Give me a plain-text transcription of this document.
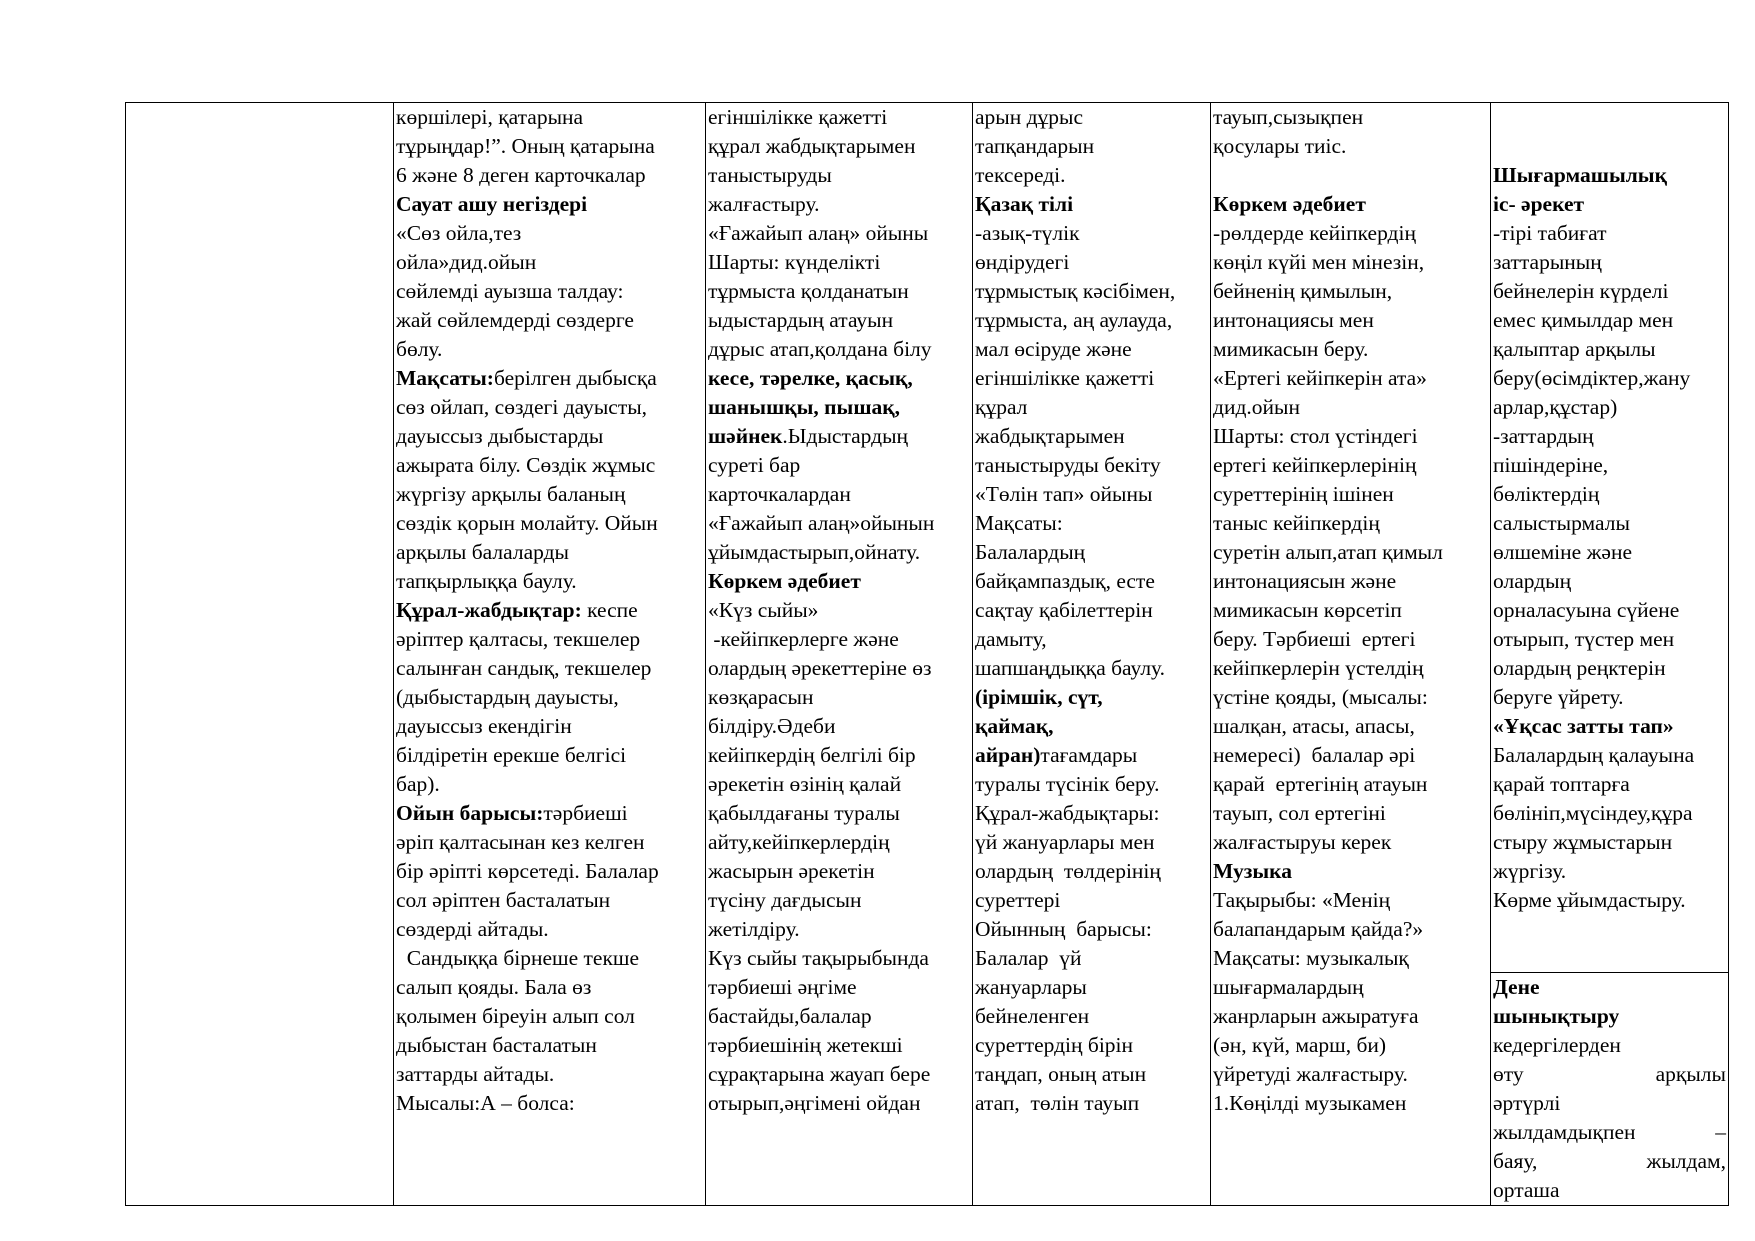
көршілері, қатарына
тұрыңдар!”. Оның қатарына
6 және 8 деген карточкалар
Сауат ашу негіздері
«Сөз ойла,тез
ойла»дид.ойын
сөйлемді ауызша талдау:
жай сөйлемдерді сөздерге
бөлу.
Мақсаты:берілген дыбысқа
сөз ойлап, сөздегі дауысты,
дауыссыз дыбыстарды
ажырата білу. Сөздік жұмыс
жүргізу арқылы баланың
сөздік қорын молайту. Ойын
арқылы балаларды
тапқырлыққа баулу.
Құрал-жабдықтар: кеспе
әріптер қалтасы, текшелер
салынған сандық, текшелер
(дыбыстардың дауысты,
дауыссыз екендігін
білдіретін ерекше белгісі
бар).
Ойын барысы:тәрбиеші
әріп қалтасынан кез келген
бір әріпті көрсетеді. Балалар
сол әріптен басталатын
сөздерді айтады.
Сандыққа бірнеше текше
салып қояды. Бала өз
қолымен біреуін алып сол
дыбыстан басталатын
заттарды айтады.
Мысалы:А – болса:

егіншілікке қажетті
құрал жабдықтарымен
таныстыруды
жалғастыру.
«Ғажайып алаң» ойыны
Шарты: күнделікті
тұрмыста қолданатын
ыдыстардың атауын
дұрыс атап,қолдана білу
кесе, тәрелке, қасық,
шанышқы, пышақ,
шәйнек.Ыдыстардың
суреті бар
карточкалардан
«Ғажайып алаң»ойынын
ұйымдастырып,ойнату.
Көркем әдебиет
«Күз сыйы»
-кейіпкерлерге және
олардың әрекеттеріне өз
көзқарасын
білдіру.Әдеби
кейіпкердің белгілі бір
әрекетін өзінің қалай
қабылдағаны туралы
айту,кейіпкерлердің
жасырын әрекетін
түсіну дағдысын
жетілдіру.
Күз сыйы тақырыбында
тәрбиеші әңгіме
бастайды,балалар
тәрбиешінің жетекші
сұрақтарына жауап бере
отырып,әңгімені ойдан

арын дұрыс
тапқандарын
тексереді.
Қазақ тілі
-азық-түлік
өндірудегі
тұрмыстық кәсібімен,
тұрмыста, аң аулауда,
мал өсіруде және
егіншілікке қажетті
құрал
жабдықтарымен
таныстыруды бекіту
«Төлін тап» ойыны
Мақсаты:
Балалардың
байқампаздық, есте
сақтау қабілеттерін
дамыту,
шапшаңдыққа баулу.
(ірімшік, сүт,
қаймақ,
айран)тағамдары
туралы түсінік беру.
Құрал-жабдықтары:
үй жануарлары мен
олардың  төлдерінің
суреттері
Ойынның  барысы:
Балалар  үй
жануарлары
бейнеленген
суреттердің бірін
таңдап, оның атын
атап,  төлін тауып

тауып,сызықпен
қосулары тиіс.

Көркем әдебиет
-рөлдерде кейіпкердің
көңіл күйі мен мінезін,
бейненің қимылын,
интонациясы мен
мимикасын беру.
«Ертегі кейіпкерін ата»
дид.ойын
Шарты: стол үстіндегі
ертегі кейіпкерлерінің
суреттерінің ішінен
таныс кейіпкердің
суретін алып,атап қимыл
интонациясын және
мимикасын көрсетіп
беру. Тәрбиеші  ертегі
кейіпкерлерін үстелдің
үстіне қояды, (мысалы:
шалқан, атасы, апасы,
немересі)  балалар әрі
қарай  ертегінің атауын
тауып, сол ертегіні
жалғастыруы керек
Музыка
Тақырыбы: «Менің
балапандарым қайда?»
Мақсаты: музыкалық
шығармалардың
жанрларын ажыратуға
(ән, күй, марш, би)
үйретуді жалғастыру.
1.Көңілді музыкамен

Шығармашылық
іс- әрекет
-тірі табиғат
заттарының
бейнелерін күрделі
емес қимылдар мен
қалыптар арқылы
беру(өсімдіктер,жану
арлар,құстар)
-заттардың
пішіндеріне,
бөліктердің
салыстырмалы
өлшеміне және
олардың
орналасуына сүйене
отырып, түстер мен
олардың реңктерін
беруге үйрету.
«Ұқсас затты тап»
Балалардың қалауына
қарай топтарға
бөлініп,мүсіндеу,құра
стыру жұмыстарын
жүргізу.
Көрме ұйымдастыру.
Дене
шынықтыру
кедергілерден
өту арқылы
әртүрлі
жылдамдықпен –
баяу, жылдам,
орташа
